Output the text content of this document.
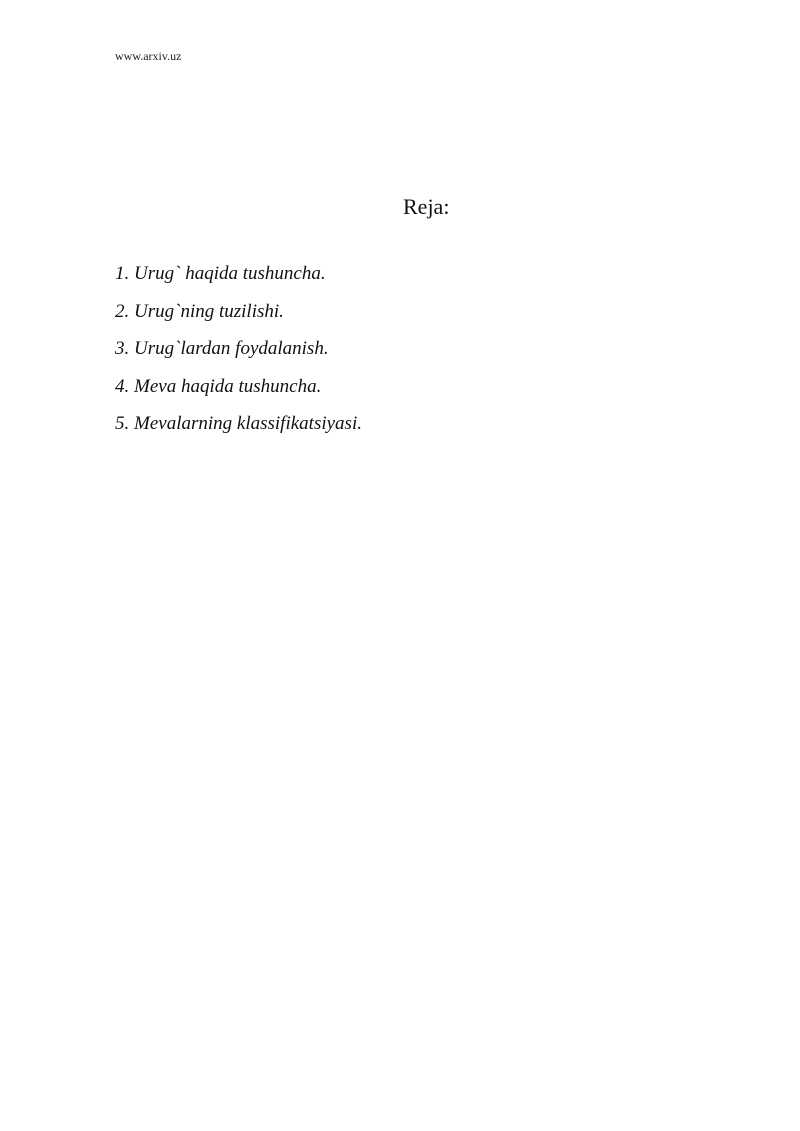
www.arxiv.uz
Reja:
1. Urug` haqida tushuncha.
2. Urug`ning tuzilishi.
3. Urug`lardan foydalanish.
4. Meva haqida tushuncha.
5. Mevalarning klassifikatsiyasi.
